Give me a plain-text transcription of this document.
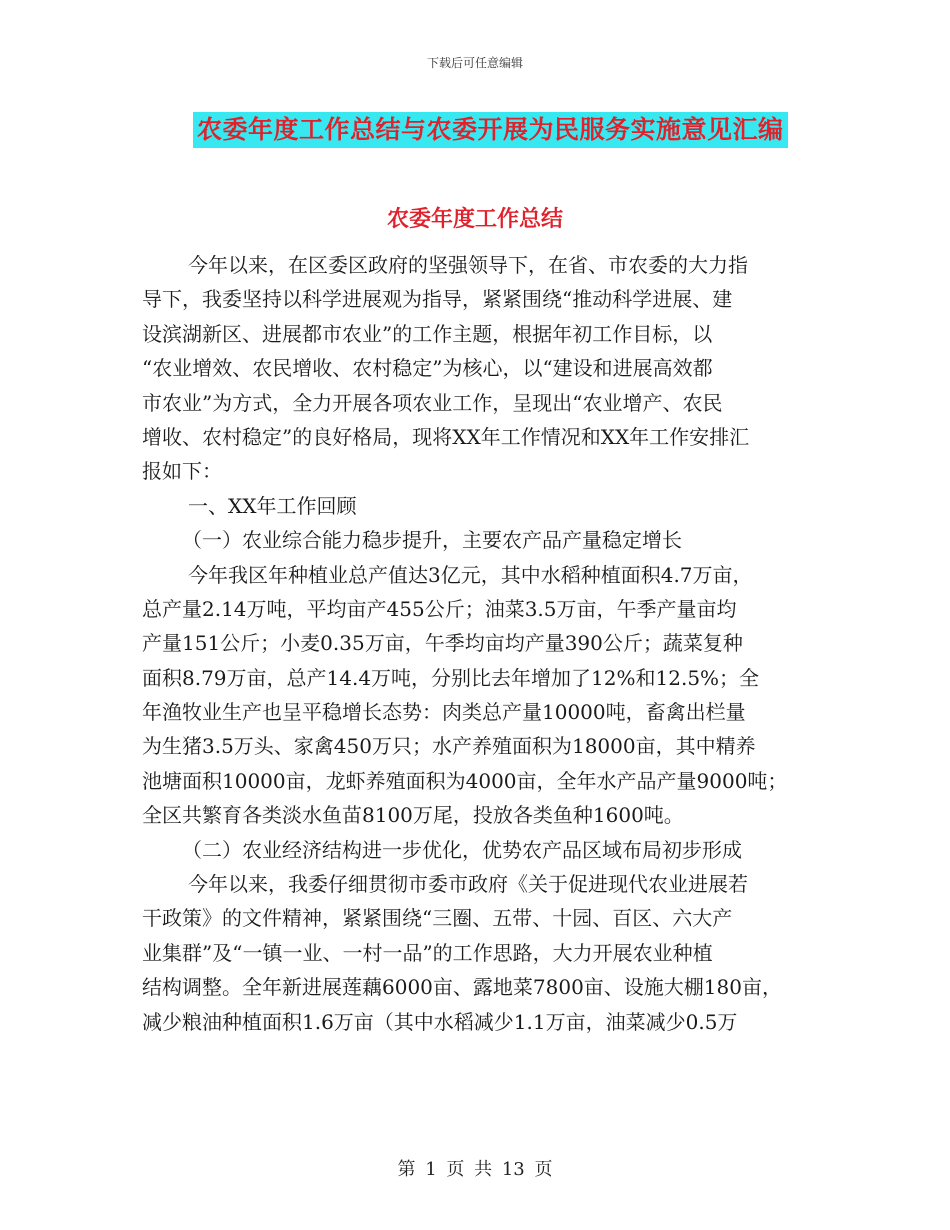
下载后可任意编辑
农委年度工作总结与农委开展为民服务实施意见汇编
农委年度工作总结
今年以来，在区委区政府的坚强领导下，在省、市农委的大力指
导下，我委坚持以科学进展观为指导，紧紧围绕“推动科学进展、建
设滨湖新区、进展都市农业”的工作主题，根据年初工作目标，以
“农业增效、农民增收、农村稳定”为核心，以“建设和进展高效都
市农业”为方式，全力开展各项农业工作，呈现出“农业增产、农民
增收、农村稳定”的良好格局，现将XX年工作情况和XX年工作安排汇
报如下：
一、XX年工作回顾
（一）农业综合能力稳步提升，主要农产品产量稳定增长
今年我区年种植业总产值达3亿元，其中水稻种植面积4.7万亩，
总产量2.14万吨，平均亩产455公斤；油菜3.5万亩，午季产量亩均
产量151公斤；小麦0.35万亩，午季均亩均产量390公斤；蔬菜复种
面积8.79万亩，总产14.4万吨，分别比去年增加了12%和12.5%；全
年渔牧业生产也呈平稳增长态势：肉类总产量10000吨，畜禽出栏量
为生猪3.5万头、家禽450万只；水产养殖面积为18000亩，其中精养
池塘面积10000亩，龙虾养殖面积为4000亩，全年水产品产量9000吨；
全区共繁育各类淡水鱼苗8100万尾，投放各类鱼种1600吨。
（二）农业经济结构进一步优化，优势农产品区域布局初步形成
今年以来，我委仔细贯彻市委市政府《关于促进现代农业进展若
干政策》的文件精神，紧紧围绕“三圈、五带、十园、百区、六大产
业集群”及“一镇一业、一村一品”的工作思路，大力开展农业种植
结构调整。全年新进展莲藕6000亩、露地菜7800亩、设施大棚180亩，
减少粮油种植面积1.6万亩（其中水稻减少1.1万亩，油菜减少0.5万
第 1 页 共 13 页
